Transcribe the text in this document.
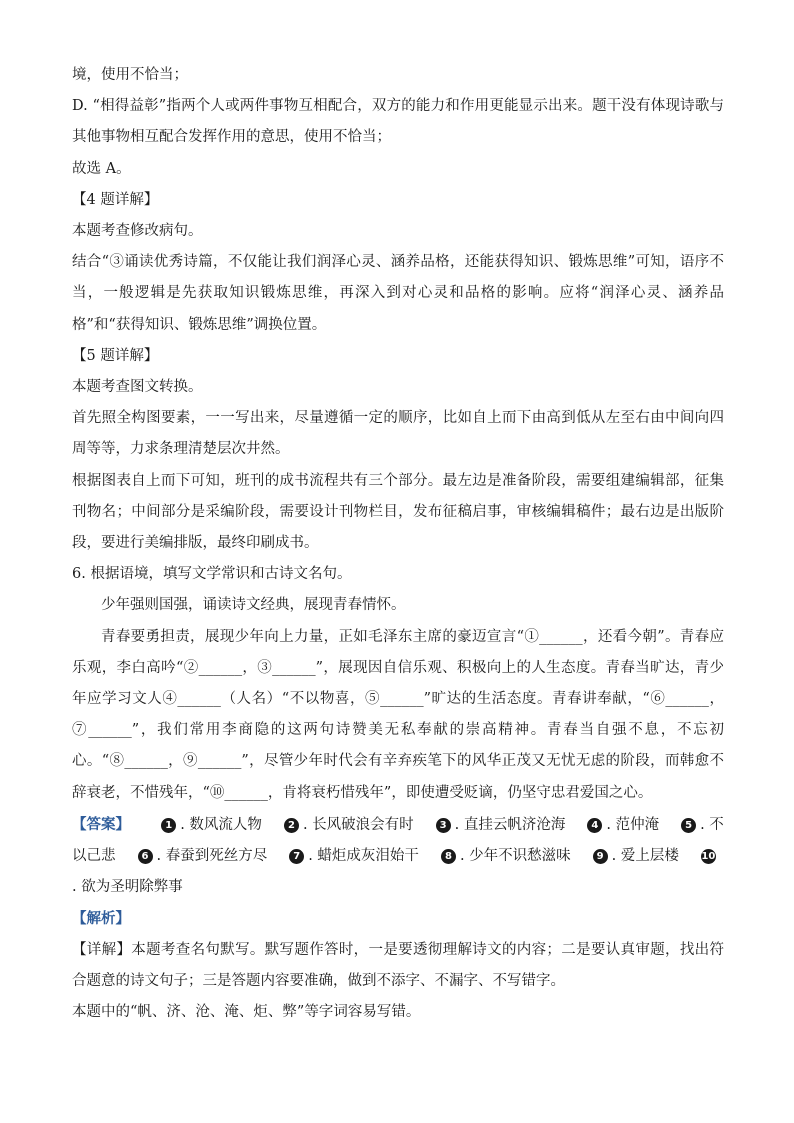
境，使用不恰当；

D. “相得益彰”指两个人或两件事物互相配合，双方的能力和作用更能显示出来。题干没有体现诗歌与其他事物相互配合发挥作用的意思，使用不恰当；

故选 A。

【4 题详解】

本题考查修改病句。

结合“③诵读优秀诗篇，不仅能让我们润泽心灵、涵养品格，还能获得知识、锻炼思维”可知，语序不当，一般逻辑是先获取知识锻炼思维，再深入到对心灵和品格的影响。应将“润泽心灵、涵养品格”和“获得知识、锻炼思维”调换位置。

【5 题详解】

本题考查图文转换。

首先照全构图要素，一一写出来，尽量遵循一定的顺序，比如自上而下由高到低从左至右由中间向四周等等，力求条理清楚层次井然。

根据图表自上而下可知，班刊的成书流程共有三个部分。最左边是准备阶段，需要组建编辑部，征集刊物名；中间部分是采编阶段，需要设计刊物栏目，发布征稿启事，审核编辑稿件；最右边是出版阶段，要进行美编排版，最终印刷成书。

6. 根据语境，填写文学常识和古诗文名句。

少年强则国强，诵读诗文经典，展现青春情怀。

青春要勇担责，展现少年向上力量，正如毛泽东主席的豪迈宣言“①______，还看今朝”。青春应乐观，李白高吟“②______，③______”，展现因自信乐观、积极向上的人生态度。青春当旷达，青少年应学习文人④______（人名）“不以物喜，⑤______”旷达的生活态度。青春讲奉献，“⑥______，⑦______”，我们常用李商隐的这两句诗赞美无私奉献的崇高精神。青春当自强不息，不忘初心。“⑧______，⑨______”，尽管少年时代会有辛弃疾笔下的风华正茂又无忧无虑的阶段，而韩愈不辞衰老，不惜残年，“⑩______，肯将衰朽惜残年”，即使遭受贬谪，仍坚守忠君爱国之心。

【答案】	1 . 数风流人物	2 . 长风破浪会有时	3 . 直挂云帆济沧海	4 . 范仲淹	5 . 不以己悲	6 . 春蚕到死丝方尽	7 . 蜡炬成灰泪始干	8 . 少年不识愁滋味	9 . 爱上层楼 10. 欲为圣明除弊事

【解析】

【详解】本题考查名句默写。默写题作答时，一是要透彻理解诗文的内容；二是要认真审题，找出符合题意的诗文句子；三是答题内容要准确，做到不添字、不漏字、不写错字。

本题中的“帆、济、沧、淹、炬、弊”等字词容易写错。
